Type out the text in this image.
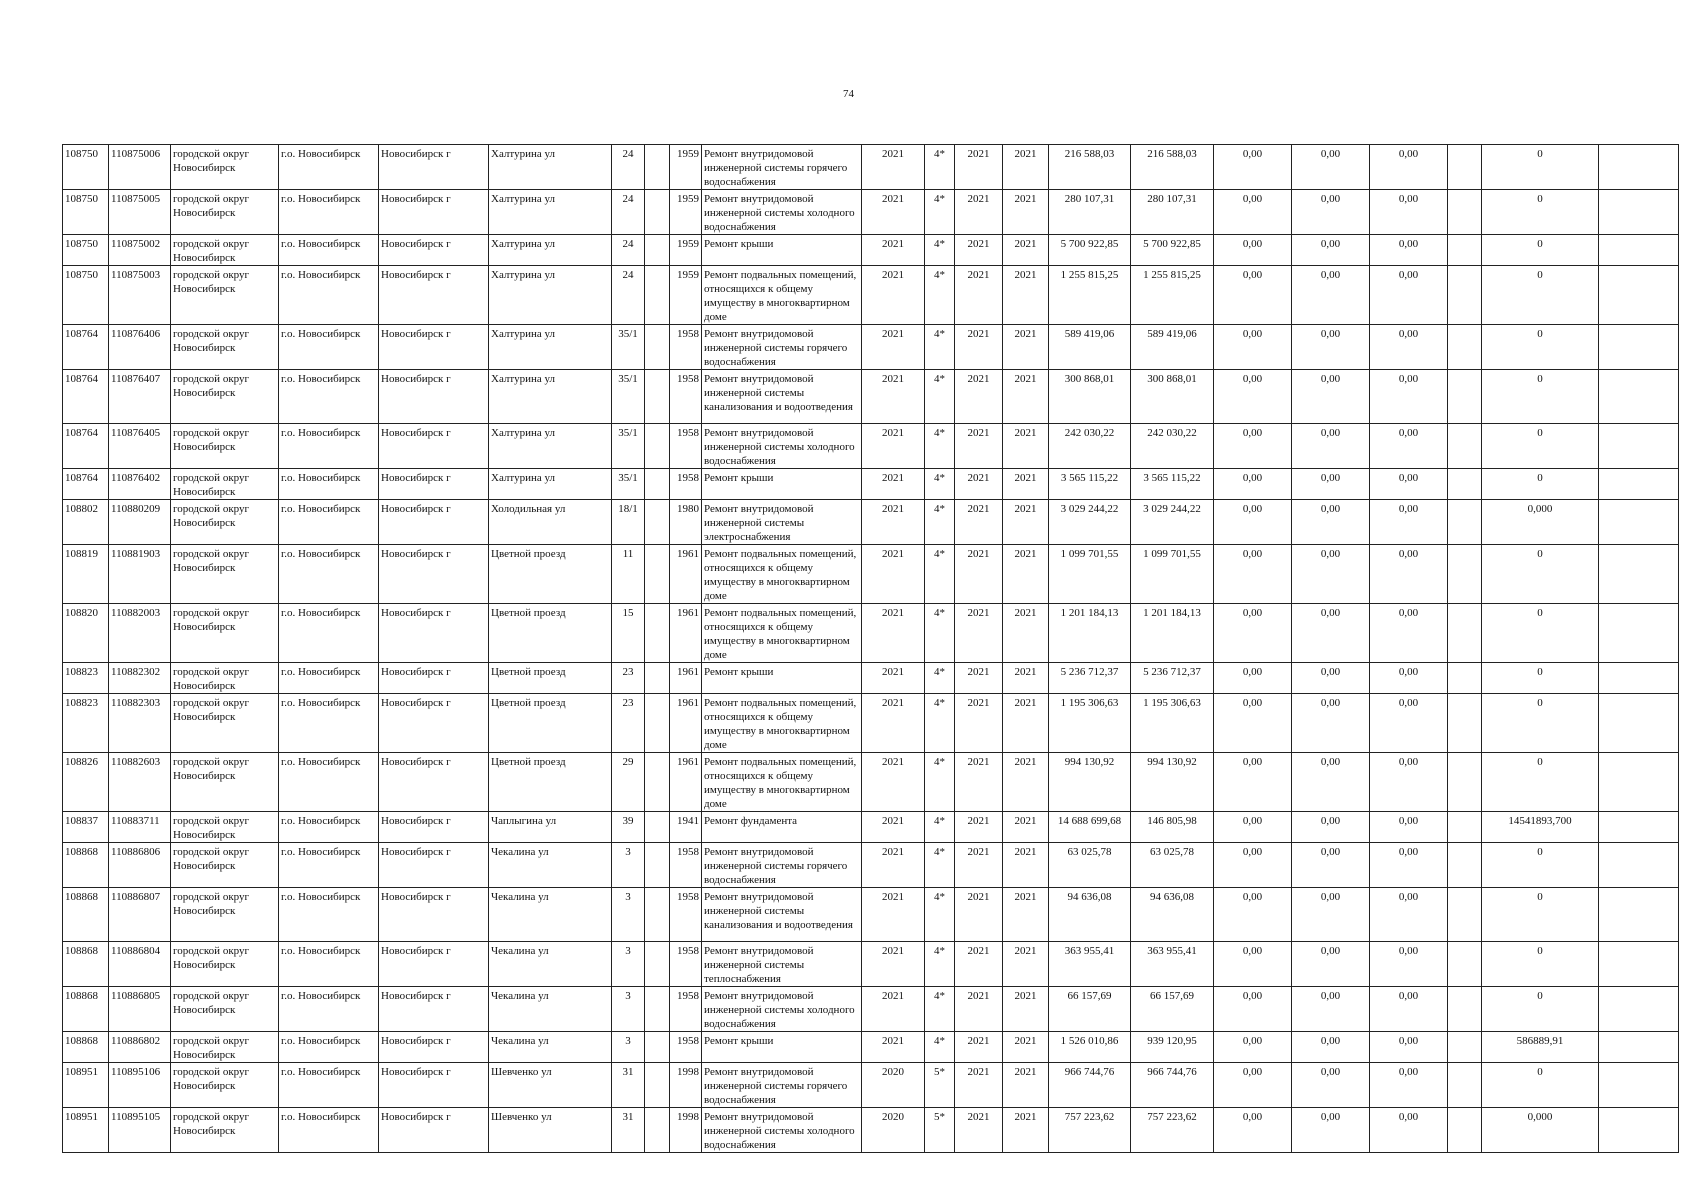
74
108750	110875006	городской округ Новосибирск	г.о. Новосибирск	Новосибирск г	Халтурина ул	24		1959	Ремонт внутридомовой инженерной системы горячего водоснабжения	2021	4*	2021	2021	216 588,03	216 588,03	0,00	0,00	0,00		0	
108750	110875005	городской округ Новосибирск	г.о. Новосибирск	Новосибирск г	Халтурина ул	24		1959	Ремонт внутридомовой инженерной системы холодного водоснабжения	2021	4*	2021	2021	280 107,31	280 107,31	0,00	0,00	0,00		0	
108750	110875002	городской округ Новосибирск	г.о. Новосибирск	Новосибирск г	Халтурина ул	24		1959	Ремонт крыши	2021	4*	2021	2021	5 700 922,85	5 700 922,85	0,00	0,00	0,00		0	
108750	110875003	городской округ Новосибирск	г.о. Новосибирск	Новосибирск г	Халтурина ул	24		1959	Ремонт подвальных помещений, относящихся к общему имуществу в многоквартирном доме	2021	4*	2021	2021	1 255 815,25	1 255 815,25	0,00	0,00	0,00		0	
108764	110876406	городской округ Новосибирск	г.о. Новосибирск	Новосибирск г	Халтурина ул	35/1		1958	Ремонт внутридомовой инженерной системы горячего водоснабжения	2021	4*	2021	2021	589 419,06	589 419,06	0,00	0,00	0,00		0	
108764	110876407	городской округ Новосибирск	г.о. Новосибирск	Новосибирск г	Халтурина ул	35/1		1958	Ремонт внутридомовой инженерной системы канализования и водоотведения	2021	4*	2021	2021	300 868,01	300 868,01	0,00	0,00	0,00		0	
108764	110876405	городской округ Новосибирск	г.о. Новосибирск	Новосибирск г	Халтурина ул	35/1		1958	Ремонт внутридомовой инженерной системы холодного водоснабжения	2021	4*	2021	2021	242 030,22	242 030,22	0,00	0,00	0,00		0	
108764	110876402	городской округ Новосибирск	г.о. Новосибирск	Новосибирск г	Халтурина ул	35/1		1958	Ремонт крыши	2021	4*	2021	2021	3 565 115,22	3 565 115,22	0,00	0,00	0,00		0	
108802	110880209	городской округ Новосибирск	г.о. Новосибирск	Новосибирск г	Холодильная ул	18/1		1980	Ремонт внутридомовой инженерной системы электроснабжения	2021	4*	2021	2021	3 029 244,22	3 029 244,22	0,00	0,00	0,00		0,000	
108819	110881903	городской округ Новосибирск	г.о. Новосибирск	Новосибирск г	Цветной проезд	11		1961	Ремонт подвальных помещений, относящихся к общему имуществу в многоквартирном доме	2021	4*	2021	2021	1 099 701,55	1 099 701,55	0,00	0,00	0,00		0	
108820	110882003	городской округ Новосибирск	г.о. Новосибирск	Новосибирск г	Цветной проезд	15		1961	Ремонт подвальных помещений, относящихся к общему имуществу в многоквартирном доме	2021	4*	2021	2021	1 201 184,13	1 201 184,13	0,00	0,00	0,00		0	
108823	110882302	городской округ Новосибирск	г.о. Новосибирск	Новосибирск г	Цветной проезд	23		1961	Ремонт крыши	2021	4*	2021	2021	5 236 712,37	5 236 712,37	0,00	0,00	0,00		0	
108823	110882303	городской округ Новосибирск	г.о. Новосибирск	Новосибирск г	Цветной проезд	23		1961	Ремонт подвальных помещений, относящихся к общему имуществу в многоквартирном доме	2021	4*	2021	2021	1 195 306,63	1 195 306,63	0,00	0,00	0,00		0	
108826	110882603	городской округ Новосибирск	г.о. Новосибирск	Новосибирск г	Цветной проезд	29		1961	Ремонт подвальных помещений, относящихся к общему имуществу в многоквартирном доме	2021	4*	2021	2021	994 130,92	994 130,92	0,00	0,00	0,00		0	
108837	110883711	городской округ Новосибирск	г.о. Новосибирск	Новосибирск г	Чаплыгина ул	39		1941	Ремонт фундамента	2021	4*	2021	2021	14 688 699,68	146 805,98	0,00	0,00	0,00		14541893,700	
108868	110886806	городской округ Новосибирск	г.о. Новосибирск	Новосибирск г	Чекалина ул	3		1958	Ремонт внутридомовой инженерной системы горячего водоснабжения	2021	4*	2021	2021	63 025,78	63 025,78	0,00	0,00	0,00		0	
108868	110886807	городской округ Новосибирск	г.о. Новосибирск	Новосибирск г	Чекалина ул	3		1958	Ремонт внутридомовой инженерной системы канализования и водоотведения	2021	4*	2021	2021	94 636,08	94 636,08	0,00	0,00	0,00		0	
108868	110886804	городской округ Новосибирск	г.о. Новосибирск	Новосибирск г	Чекалина ул	3		1958	Ремонт внутридомовой инженерной системы теплоснабжения	2021	4*	2021	2021	363 955,41	363 955,41	0,00	0,00	0,00		0	
108868	110886805	городской округ Новосибирск	г.о. Новосибирск	Новосибирск г	Чекалина ул	3		1958	Ремонт внутридомовой инженерной системы холодного водоснабжения	2021	4*	2021	2021	66 157,69	66 157,69	0,00	0,00	0,00		0	
108868	110886802	городской округ Новосибирск	г.о. Новосибирск	Новосибирск г	Чекалина ул	3		1958	Ремонт крыши	2021	4*	2021	2021	1 526 010,86	939 120,95	0,00	0,00	0,00		586889,91	
108951	110895106	городской округ Новосибирск	г.о. Новосибирск	Новосибирск г	Шевченко ул	31		1998	Ремонт внутридомовой инженерной системы горячего водоснабжения	2020	5*	2021	2021	966 744,76	966 744,76	0,00	0,00	0,00		0	
108951	110895105	городской округ Новосибирск	г.о. Новосибирск	Новосибирск г	Шевченко ул	31		1998	Ремонт внутридомовой инженерной системы холодного водоснабжения	2020	5*	2021	2021	757 223,62	757 223,62	0,00	0,00	0,00		0,000	
